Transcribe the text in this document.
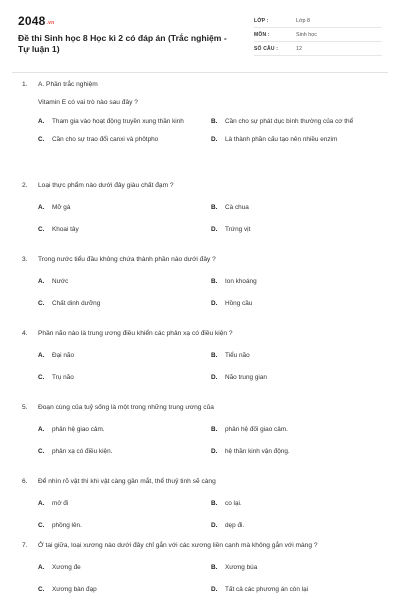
2048.vn
Đề thi Sinh học 8 Học kì 2 có đáp án (Trắc nghiệm - Tự luận 1)
LỚP :	Lớp 8
MÔN :	Sinh học
SỐ CÂU :	12
1.	A. Phần trắc nghiệm
Vitamin E có vai trò nào sau đây ?
A.	Tham gia vào hoạt động truyền xung thần kinh	B.	Cần cho sự phát dục bình thường của cơ thể
C.	Cần cho sự trao đổi canxi và phôtpho	D.	Là thành phần cấu tạo nên nhiều enzim
2.	Loại thực phẩm nào dưới đây giàu chất đạm ?
A.	Mỡ gà	B.	Cà chua
C.	Khoai tây	D.	Trứng vịt
3.	Trong nước tiểu đầu không chứa thành phần nào dưới đây ?
A.	Nước	B.	Ion khoáng
C.	Chất dinh dưỡng	D.	Hồng cầu
4.	Phần não nào là trung ương điều khiển các phản xạ có điều kiện ?
A.	Đại não	B.	Tiểu não
C.	Trụ não	D.	Não trung gian
5.	Đoạn cùng của tuỷ sống là một trong những trung ương của
A.	phân hệ giao cảm.	B.	phân hệ đối giao cảm.
C.	phản xạ có điều kiện.	D.	hệ thần kinh vận động.
6.	Để nhìn rõ vật thì khi vật càng gần mắt, thể thuỷ tinh sẽ càng
A.	mở đi	B.	co lại.
C.	phồng lên.	D.	dẹp đi.
7.	Ở tai giữa, loại xương nào dưới đây chỉ gắn với các xương liền cạnh mà không gắn với màng ?
A.	Xương đe	B.	Xương búa
C.	Xương bàn đạp	D.	Tất cả các phương án còn lại
